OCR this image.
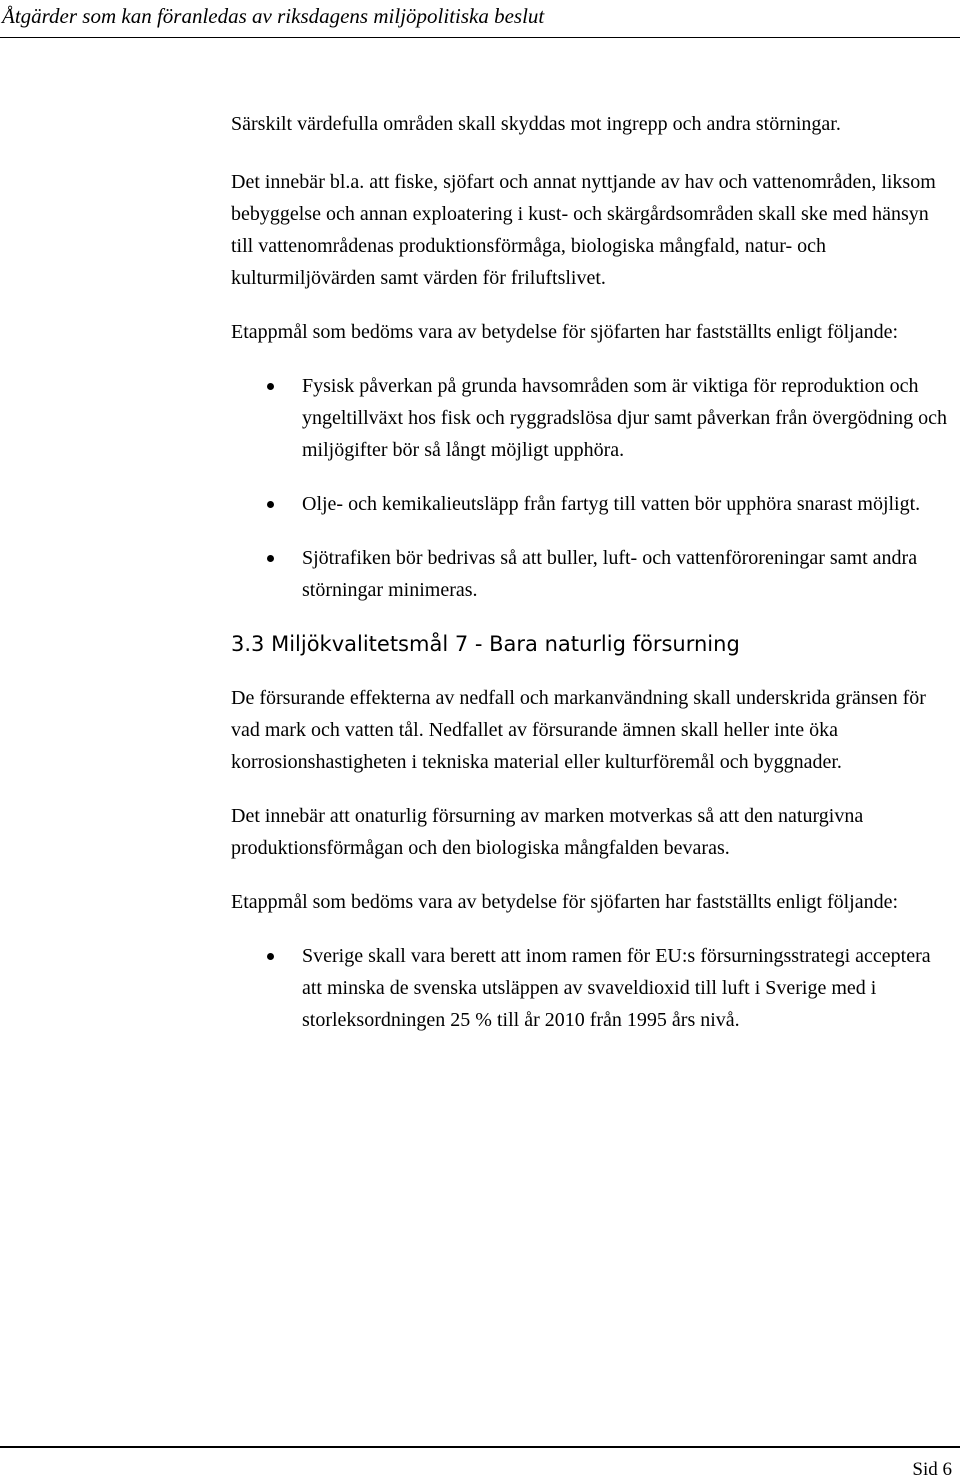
Åtgärder som kan föranledas av riksdagens miljöpolitiska beslut

Särskilt värdefulla områden skall skyddas mot ingrepp och andra störningar.

Det innebär bl.a. att fiske, sjöfart och annat nyttjande av hav och vattenområden, liksom bebyggelse och annan exploatering i kust- och skärgårdsområden skall ske med hänsyn till vattenområdenas produktionsförmåga, biologiska mångfald, natur- och kulturmiljövärden samt värden för friluftslivet.

Etappmål som bedöms vara av betydelse för sjöfarten har fastställts enligt följande:

Fysisk påverkan på grunda havsområden som är viktiga för reproduktion och yngeltillväxt hos fisk och ryggradslösa djur samt påverkan från övergödning och miljögifter bör så långt möjligt upphöra.
Olje- och kemikalieutsläpp från fartyg till vatten bör upphöra snarast möjligt.
Sjötrafiken bör bedrivas så att buller, luft- och vattenföroreningar samt andra störningar minimeras.
3.3 Miljökvalitetsmål 7 - Bara naturlig försurning

De försurande effekterna av nedfall och markanvändning skall underskrida gränsen för vad mark och vatten tål. Nedfallet av försurande ämnen skall heller inte öka korrosionshastigheten i tekniska material eller kulturföremål och byggnader.

Det innebär att onaturlig försurning av marken motverkas så att den naturgivna produktionsförmågan och den biologiska mångfalden bevaras.

Etappmål som bedöms vara av betydelse för sjöfarten har fastställts enligt följande:

Sverige skall vara berett att inom ramen för EU:s försurningsstrategi acceptera att minska de svenska utsläppen av svaveldioxid till luft i Sverige med i storleksordningen 25 % till år 2010 från 1995 års nivå.
Sid 6
